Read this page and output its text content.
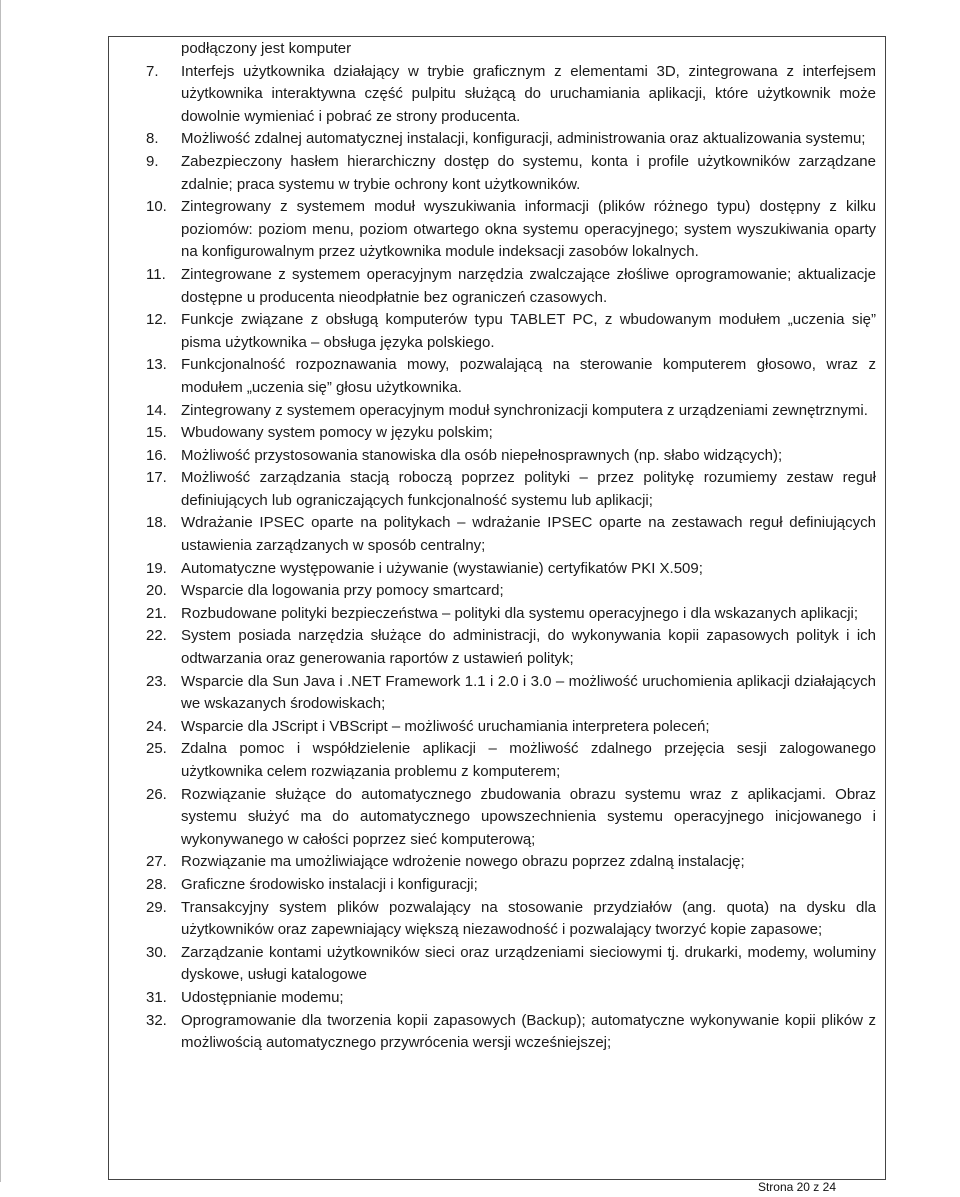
podłączony jest komputer
7.	Interfejs użytkownika działający w trybie graficznym z elementami 3D, zintegrowana z interfejsem użytkownika interaktywna część pulpitu służącą do uruchamiania aplikacji, które użytkownik może dowolnie wymieniać i pobrać ze strony producenta.
8.	Możliwość zdalnej automatycznej instalacji, konfiguracji, administrowania oraz aktualizowania systemu;
9.	Zabezpieczony hasłem hierarchiczny dostęp do systemu, konta i profile użytkowników zarządzane zdalnie; praca systemu w trybie ochrony kont użytkowników.
10. Zintegrowany z systemem moduł wyszukiwania informacji (plików różnego typu) dostępny z kilku poziomów: poziom menu, poziom otwartego okna systemu operacyjnego; system wyszukiwania oparty na konfigurowalnym przez użytkownika module indeksacji zasobów lokalnych.
11.	Zintegrowane z systemem operacyjnym narzędzia zwalczające złośliwe oprogramowanie; aktualizacje dostępne u producenta nieodpłatnie bez ograniczeń czasowych.
12. Funkcje związane z obsługą komputerów typu TABLET PC, z wbudowanym modułem „uczenia się” pisma użytkownika – obsługa języka polskiego.
13. Funkcjonalność rozpoznawania mowy, pozwalającą na sterowanie komputerem głosowo, wraz z modułem „uczenia się” głosu użytkownika.
14. Zintegrowany z systemem operacyjnym moduł synchronizacji komputera z urządzeniami zewnętrznymi.
15. Wbudowany system pomocy w języku polskim;
16. Możliwość przystosowania stanowiska dla osób niepełnosprawnych (np. słabo widzących);
17. Możliwość zarządzania stacją roboczą poprzez polityki – przez politykę rozumiemy zestaw reguł definiujących lub ograniczających funkcjonalność systemu lub aplikacji;
18. Wdrażanie IPSEC oparte na politykach – wdrażanie IPSEC oparte na zestawach reguł definiujących ustawienia zarządzanych w sposób centralny;
19. Automatyczne występowanie i używanie (wystawianie) certyfikatów PKI X.509;
20. Wsparcie dla logowania przy pomocy smartcard;
21. Rozbudowane polityki bezpieczeństwa – polityki dla systemu operacyjnego i dla wskazanych aplikacji;
22. System posiada narzędzia służące do administracji, do wykonywania kopii zapasowych polityk i ich odtwarzania oraz generowania raportów z ustawień polityk;
23. Wsparcie dla Sun Java i .NET Framework 1.1 i 2.0 i 3.0 – możliwość uruchomienia aplikacji działających we wskazanych środowiskach;
24. Wsparcie dla JScript i VBScript – możliwość uruchamiania interpretera poleceń;
25. Zdalna pomoc i współdzielenie aplikacji – możliwość zdalnego przejęcia sesji zalogowanego użytkownika celem rozwiązania problemu z komputerem;
26. Rozwiązanie służące do automatycznego zbudowania obrazu systemu wraz z aplikacjami. Obraz systemu służyć ma do automatycznego upowszechnienia systemu operacyjnego inicjowanego i wykonywanego w całości poprzez sieć komputerową;
27. Rozwiązanie ma umożliwiające wdrożenie nowego obrazu poprzez zdalną instalację;
28. Graficzne środowisko instalacji i konfiguracji;
29. Transakcyjny system plików pozwalający na stosowanie przydziałów (ang. quota) na dysku dla użytkowników oraz zapewniający większą niezawodność i pozwalający tworzyć kopie zapasowe;
30. Zarządzanie kontami użytkowników sieci oraz urządzeniami sieciowymi tj. drukarki, modemy, woluminy dyskowe, usługi katalogowe
31. Udostępnianie modemu;
32. Oprogramowanie dla tworzenia kopii zapasowych (Backup); automatyczne wykonywanie kopii plików z możliwością automatycznego przywrócenia wersji wcześniejszej;
Strona 20 z 24
